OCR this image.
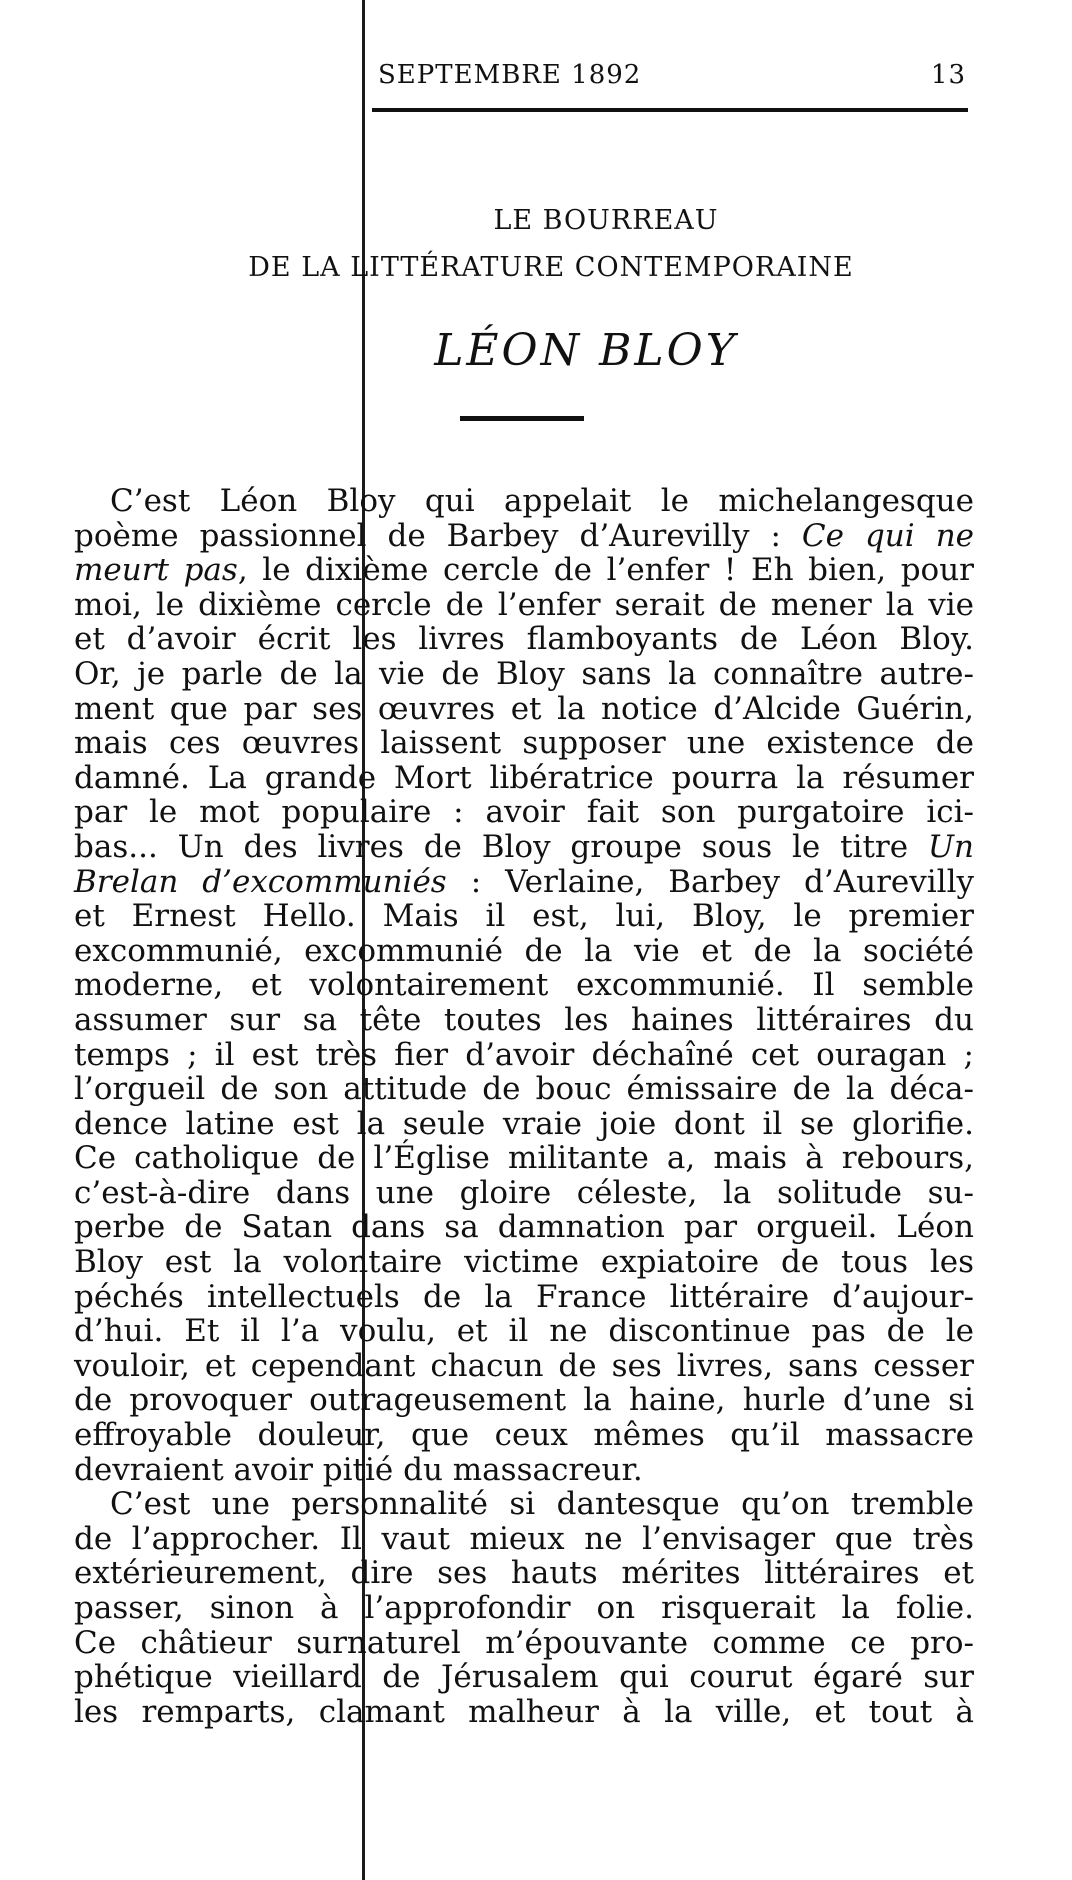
SEPTEMBRE 1892	13
LE BOURREAU
DE LA LITTÉRATURE CONTEMPORAINE
LÉON BLOY
C’est Léon Bloy qui appelait le michelangesque
poème passionnel de Barbey d’Aurevilly : Ce qui ne
meurt pas, le dixième cercle de l’enfer ! Eh bien, pour
moi, le dixième cercle de l’enfer serait de mener la vie
et d’avoir écrit les livres flamboyants de Léon Bloy.
Or, je parle de la vie de Bloy sans la connaître autre-
ment que par ses œuvres et la notice d’Alcide Guérin,
mais ces œuvres laissent supposer une existence de
damné. La grande Mort libératrice pourra la résumer
par le mot populaire : avoir fait son purgatoire ici-
bas... Un des livres de Bloy groupe sous le titre Un
Brelan d’excommuniés : Verlaine, Barbey d’Aurevilly
et Ernest Hello. Mais il est, lui, Bloy, le premier
excommunié, excommunié de la vie et de la société
moderne, et volontairement excommunié. Il semble
assumer sur sa tête toutes les haines littéraires du
temps ; il est très fier d’avoir déchaîné cet ouragan ;
l’orgueil de son attitude de bouc émissaire de la déca-
dence latine est la seule vraie joie dont il se glorifie.
Ce catholique de l’Église militante a, mais à rebours,
c’est-à-dire dans une gloire céleste, la solitude su-
perbe de Satan dans sa damnation par orgueil. Léon
Bloy est la volontaire victime expiatoire de tous les
péchés intellectuels de la France littéraire d’aujour-
d’hui. Et il l’a voulu, et il ne discontinue pas de le
vouloir, et cependant chacun de ses livres, sans cesser
de provoquer outrageusement la haine, hurle d’une si
effroyable douleur, que ceux mêmes qu’il massacre
devraient avoir pitié du massacreur.
C’est une personnalité si dantesque qu’on tremble
de l’approcher. Il vaut mieux ne l’envisager que très
extérieurement, dire ses hauts mérites littéraires et
passer, sinon à l’approfondir on risquerait la folie.
Ce châtieur surnaturel m’épouvante comme ce pro-
phétique vieillard de Jérusalem qui courut égaré sur
les remparts, clamant malheur à la ville, et tout à
